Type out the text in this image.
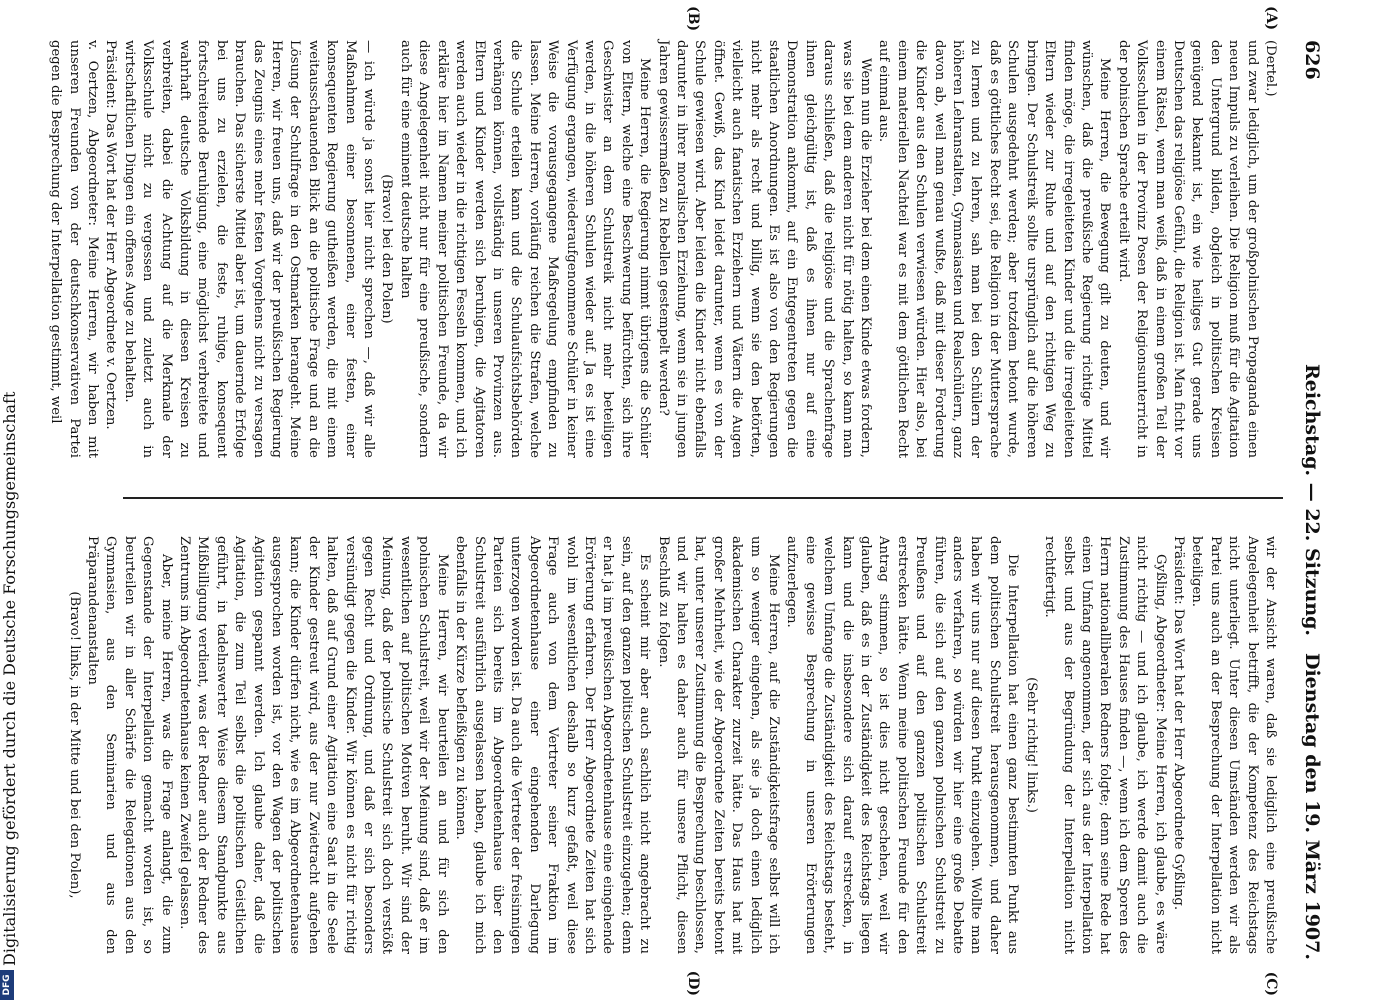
626
Reichstag. — 22. Sitzung.
Dienstag den 19. März 1907.
(A)
(B)
(C)
(D)

(Dertel.)

und zwar lediglich, um der großpolnischen Propaganda einen neuen Impuls zu verleihen. Die Religion muß für die Agitation den Untergrund bilden, obgleich in politischen Kreisen genügend bekannt ist, ein wie heiliges Gut gerade uns Deutschen das religiöse Gefühl, die Religion ist. Man ficht vor einem Rätsel, wenn man weiß, daß in einem großen Teil der Volksschulen in der Provinz Posen der Religionsunterricht in der polnischen Sprache erteilt wird.

Meine Herren, die Bewegung gilt zu deuten, und wir wünschen, daß die preußische Regierung richtige Mittel finden möge, die irregeleiteten Kinder und die irregeleiteten Eltern wieder zur Ruhe und auf den richtigen Weg zu bringen. Der Schulstreik sollte ursprünglich auf die höheren Schulen ausgedehnt werden; aber trotzdem betont wurde, daß es göttliches Recht sei, die Religion in der Muttersprache zu lernen und zu lehren, sah man bei den Schülern der höheren Lehranstalten, Gymnasiasten und Realschülern, ganz davon ab, weil man genau wußte, daß mit dieser Forderung die Kinder aus den Schulen verwiesen würden. Hier also, bei einem materiellen Nachteil war es mit dem göttlichen Recht auf einmal aus.

Wenn nun die Erzieher bei dem einen Kinde etwas fordern, was sie bei dem anderen nicht für nötig halten, so kann man daraus schließen, daß die religiöse und die Sprachenfrage ihnen gleichgültig ist, daß es ihnen nur auf eine Demonstration ankommt, auf ein Entgegentreten gegen die staatlichen Anordnungen. Es ist also von den Regierungen nicht mehr als recht und billig, wenn sie den betörten, vielleicht auch fanatischen Erziehern und Vätern die Augen öffnet. Gewiß, das Kind leidet darunter, wenn es von der Schule gewiesen wird. Aber leiden die Kinder nicht ebenfalls darunter in ihrer moralischen Erziehung, wenn sie in jungen Jahren gewissermaßen zu Rebellen gestempelt werden?

Meine Herren, die Regierung nimmt übrigens die Schüler von Eltern, welche eine Beschwerung befürchten, sich ihre Geschwister an dem Schulstreik nicht mehr beteiligen werden, in die höheren Schulen wieder auf. Ja es ist eine Verfügung ergangen, wiederaufgenommene Schüler in keiner Weise die vorausgegangene Maßregelung empfinden zu lassen. Meine Herren, vorläufig reichen die Strafen, welche die Schule erteilen kann und die Schulaufsichtsbehörden verhängen können, vollständig in unseren Provinzen aus. Eltern und Kinder werden sich beruhigen, die Agitatoren werden auch wieder in die richtigen Fesseln kommen, und ich erkläre hier im Namen meiner politischen Freunde, da wir diese Angelegenheit nicht nur für eine preußische, sondern auch für eine eminent deutsche halten

(Bravo! bei den Polen)

— ich würde ja sonst hier nicht sprechen —, daß wir alle Maßnahmen einer besonnenen, einer festen, einer konsequenten Regierung gutheißen werden, die mit einem weitausschauenden Blick an die politische Frage und an die Lösung der Schulfrage in den Ostmarken herangeht. Meine Herren, wir freuen uns, daß wir der preußischen Regierung das Zeugnis eines mehr festen Vorgehens nicht zu versagen brauchen. Das sicherste Mittel aber ist, um dauernde Erfolge bei uns zu erzielen, die feste, ruhige, konsequent fortschreitende Beruhigung, eine möglichst verbreitete und wahrhaft deutsche Volksbildung in diesen Kreisen zu verbreiten, dabei die Achtung auf die Merkmale der Volksschule nicht zu vergessen und zuletzt auch in wirtschaftlichen Dingen ein offenes Auge zu behalten.

Präsident: Das Wort hat der Herr Abgeordnete v. Oertzen.

v. Oertzen, Abgeordneter: Meine Herren, wir haben mit unseren Freunden von der deutschkonservativen Partei gegen die Besprechung der Interpellation gestimmt, weil

wir der Ansicht waren, daß sie lediglich eine preußische Angelegenheit betrifft, die der Kompetenz des Reichstags nicht unterliegt. Unter diesen Umständen werden wir als Partei uns auch an der Besprechung der Interpellation nicht beteiligen.

Präsident: Das Wort hat der Herr Abgeordnete Gyßling.

Gyßling, Abgeordneter: Meine Herren, ich glaube, es wäre nicht richtig — und ich glaube, ich werde damit auch die Zustimmung des Hauses finden —, wenn ich dem Sporen des Herrn nationalliberalen Redners folgte; denn seine Rede hat einen Umfang angenommen, der sich aus der Interpellation selbst und aus der Begründung der Interpellation nicht rechtfertigt.

(Sehr richtig! links.)

Die Interpellation hat einen ganz bestimmten Punkt aus dem politischen Schulstreit herausgenommen, und daher haben wir uns nur auf diesen Punkt einzugehen. Wollte man anders verfahren, so würden wir hier eine große Debatte führen, die sich auf den ganzen polnischen Schulstreit zu Preußens und auf den ganzen politischen Schulstreit erstrecken hätte. Wenn meine politischen Freunde für den Antrag stimmen, so ist dies nicht geschehen, weil wir glauben, daß es in der Zuständigkeit des Reichstags liegen kann und die insbesondere sich darauf erstrecken, in welchem Umfange die Zuständigkeit des Reichstags besteht, eine gewisse Besprechung in unseren Erörterungen aufzuerlegen.

Meine Herren, auf die Zuständigkeitsfrage selbst will ich um so weniger eingehen, als sie ja doch einen lediglich akademischen Charakter zurzeit hätte. Das Haus hat mit großer Mehrheit, wie der Abgeordnete Zeiten bereits betont hat, unter unserer Zustimmung die Besprechung beschlossen, und wir halten es daher auch für unsere Pflicht, diesen Beschluß zu folgen.

Es scheint mir aber auch sachlich nicht angebracht zu sein, auf den ganzen politischen Schulstreit einzugehen; denn er hat ja im preußischen Abgeordnetenhause eine eingehende Erörterung erfahren. Der Herr Abgeordnete Zeiten hat sich wohl im wesentlichen deshalb so kurz gefaßt, weil diese Frage auch von dem Vertreter seiner Fraktion im Abgeordnetenhause einer eingehenden Darlegung unterzogen worden ist. Da auch die Vertreter der freisinnigen Parteien sich bereits im Abgeordnetenhause über den Schulstreit ausführlich ausgelassen haben, glaube ich mich ebenfalls in der Kürze befleißigen zu können.

Meine Herren, wir beurteilen an und für sich den polnischen Schulstreit, weil wir der Meinung sind, daß er im wesentlichen auf politischen Motiven beruht. Wir sind der Meinung, daß der polnische Schulstreit sich doch verstößt gegen Recht und Ordnung, und daß er sich besonders versündigt gegen die Kinder. Wir können es nicht für richtig halten, daß auf Grund einer Agitation eine Saat in die Seele der Kinder gestreut wird, aus der nur Zwietracht aufgehen kann; die Kinder dürfen nicht, wie es im Abgeordnetenhause ausgesprochen worden ist, vor den Wagen der politischen Agitation gespannt werden. Ich glaube daher, daß die Agitation, die zum Teil selbst die politischen Geistlichen geführt, in tadelnswerter Weise diesem Standpunkte aus Mißbilligung verdient, was der Redner auch der Redner des Zentrums im Abgeordnetenhause keinen Zweifel gelassen.

Aber, meine Herren, was die Frage anlangt, die zum Gegenstande der Interpellation gemacht worden ist, so beurteilen wir in aller Schärfe die Relegationen aus den Gymnasien, aus den Seminarien und aus den Präparandenanstalten

(Bravo! links, in der Mitte und bei den Polen),

DFG
Digitalisierung gefördert durch die Deutsche Forschungsgemeinschaft
